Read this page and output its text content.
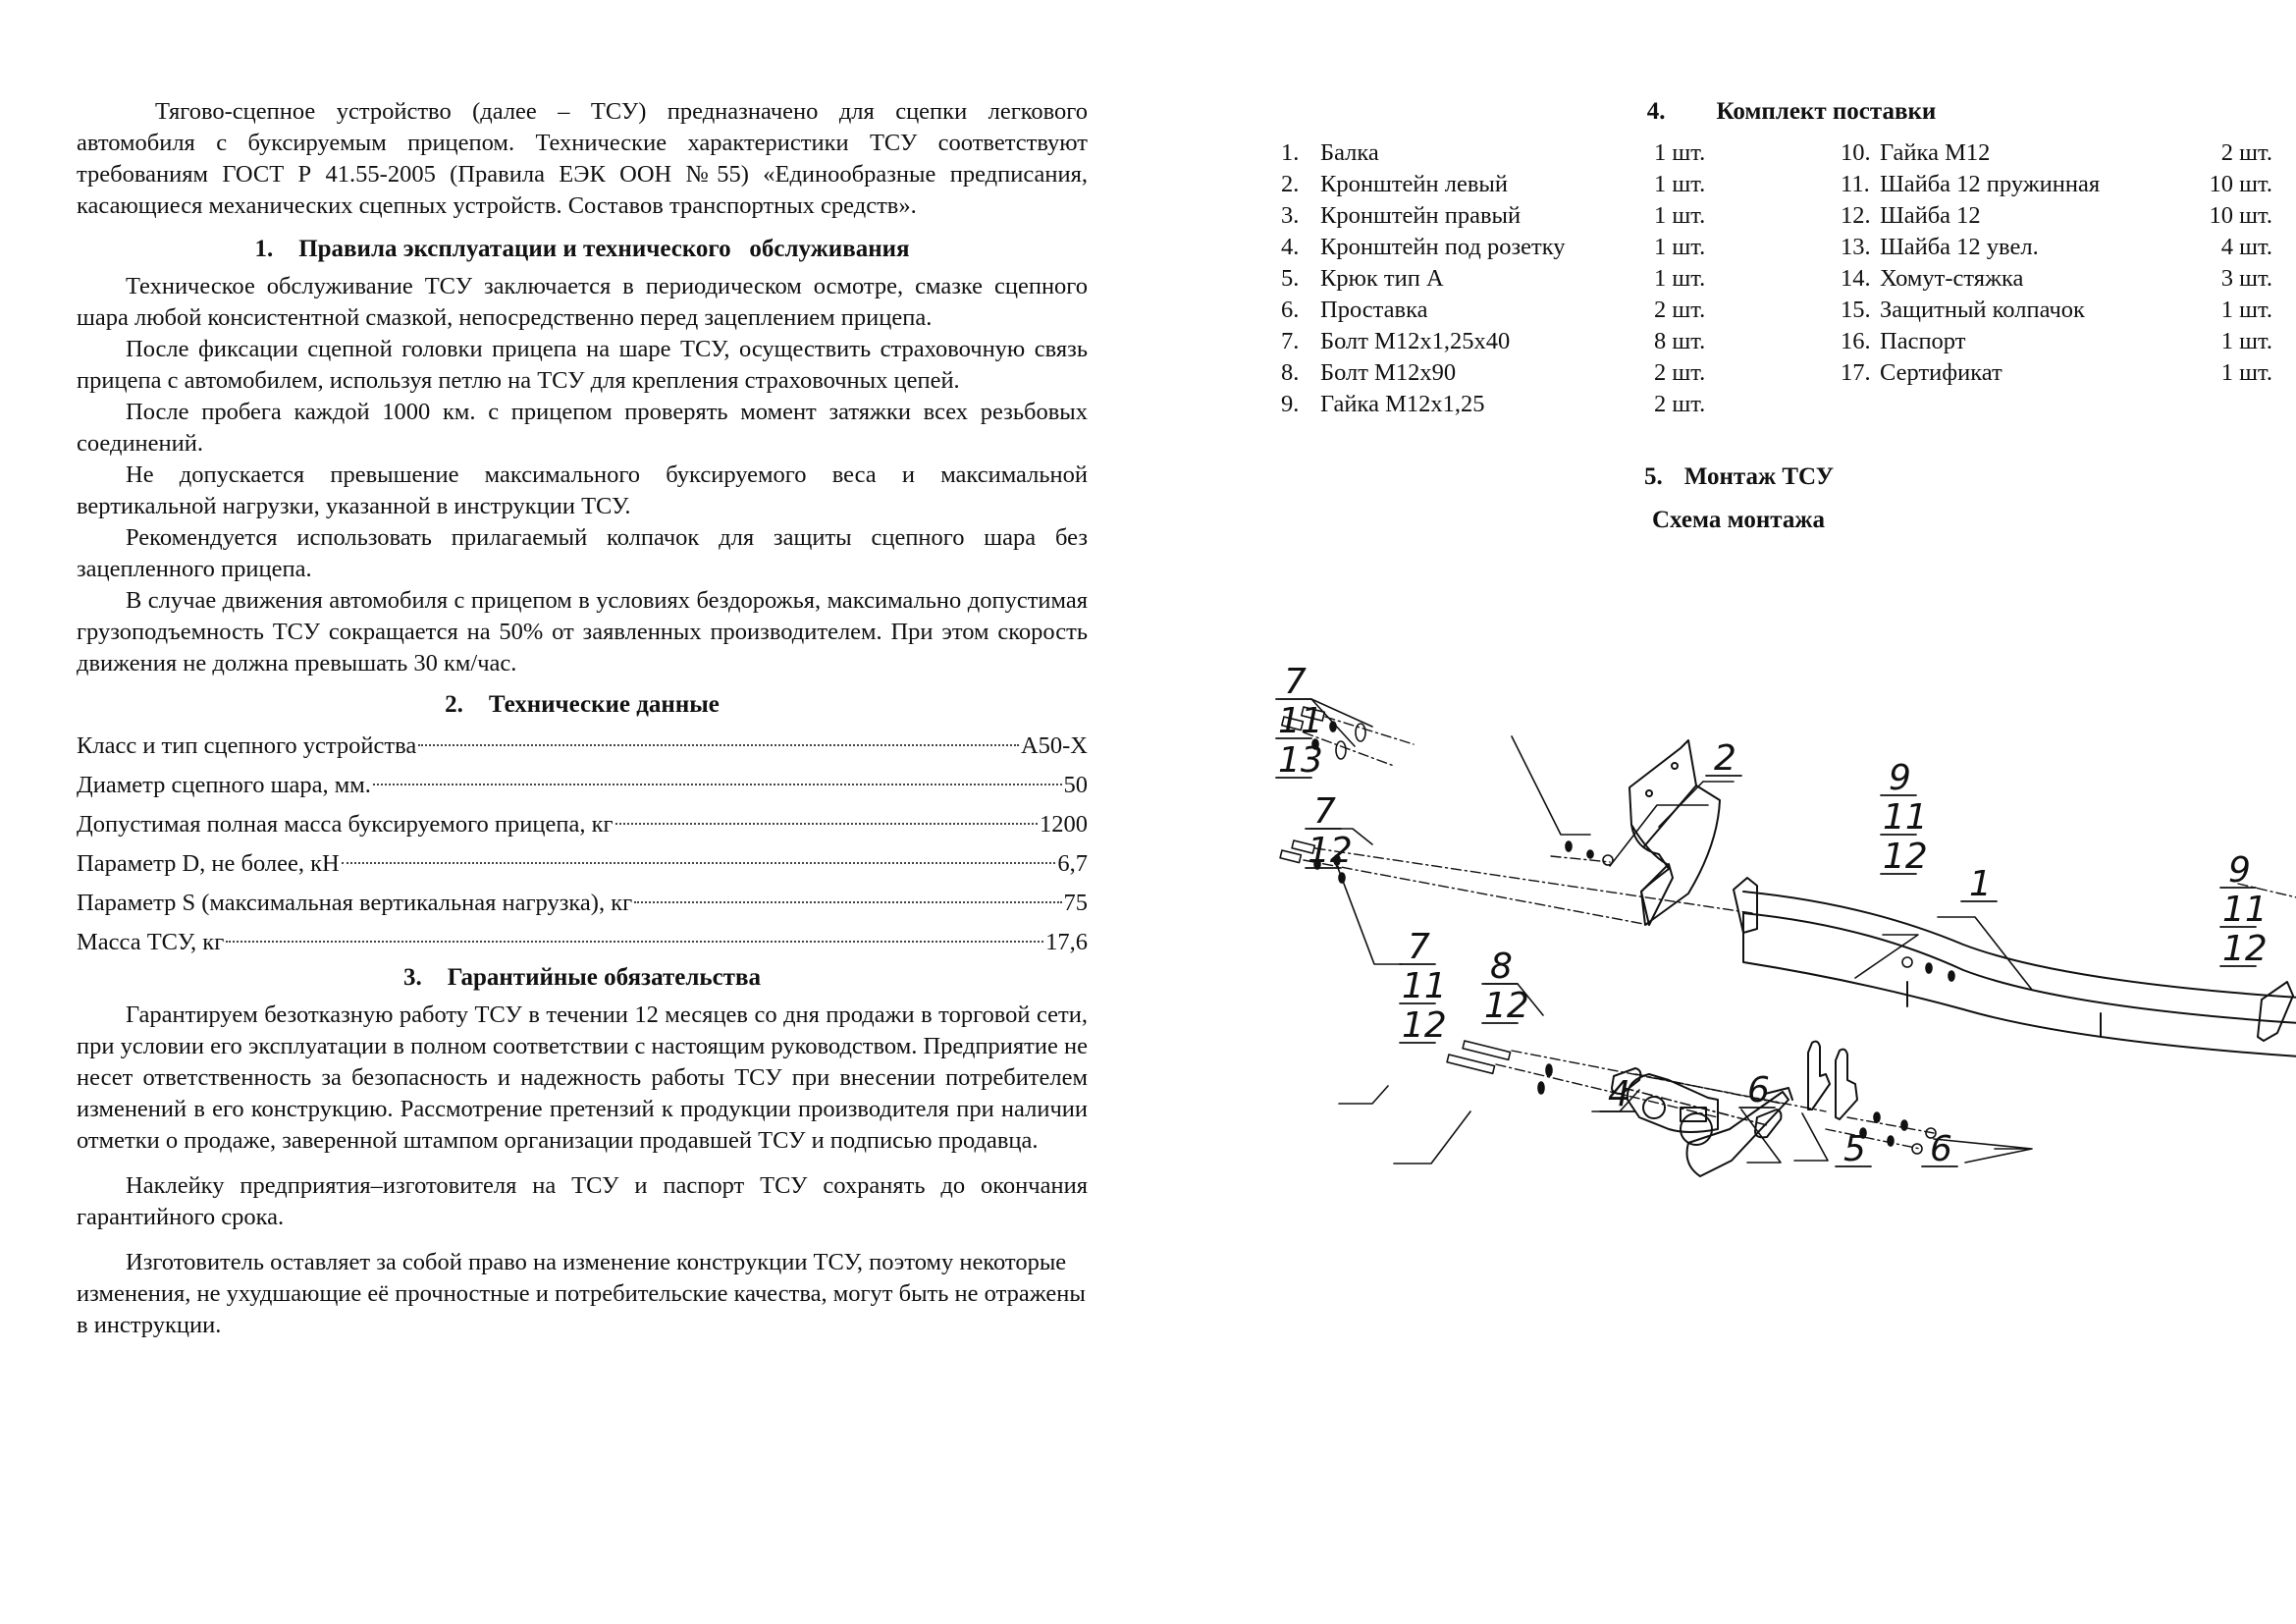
Тягово-сцепное устройство (далее – ТСУ) предназначено для сцепки легкового автомобиля с буксируемым прицепом. Технические характеристики ТСУ соответствуют требованиям ГОСТ Р 41.55-2005 (Правила ЕЭК ООН №55) «Единообразные предписания, касающиеся механических сцепных устройств. Составов транспортных средств».

1. Правила эксплуатации и технического   обслуживания

Техническое обслуживание ТСУ заключается в периодическом осмотре, смазке сцепного шара любой консистентной смазкой, непосредственно перед зацеплением прицепа.

После фиксации сцепной головки прицепа на шаре ТСУ, осуществить страховочную связь прицепа с автомобилем, используя петлю на ТСУ для крепления страховочных цепей.

После пробега каждой 1000 км. с прицепом проверять момент затяжки всех резьбовых соединений.

Не допускается превышение максимального буксируемого веса и максимальной вертикальной нагрузки, указанной в инструкции ТСУ.

Рекомендуется использовать прилагаемый колпачок для защиты сцепного шара без зацепленного прицепа.

В случае движения автомобиля с прицепом в условиях бездорожья, максимально допустимая грузоподъемность ТСУ сокращается на 50% от заявленных производителем. При этом скорость движения не должна превышать 30 км/час.

2. Технические данные
Класс и тип сцепного устройства	A50-X
Диаметр сцепного шара, мм.	50
Допустимая полная масса буксируемого прицепа, кг	1200
Параметр D, не более, кН	6,7
Параметр S (максимальная вертикальная нагрузка), кг	75
Масса ТСУ, кг	17,6
3. Гарантийные обязательства

Гарантируем безотказную работу ТСУ в течении 12 месяцев со дня продажи в торговой сети, при условии его эксплуатации в полном соответствии с настоящим руководством. Предприятие не несет ответственность за безопасность и надежность работы ТСУ при внесении потребителем изменений в его конструкцию. Рассмотрение претензий к продукции производителя при наличии отметки о продаже, заверенной штампом организации продавшей ТСУ и подписью продавца.

Наклейку предприятия–изготовителя на ТСУ и паспорт ТСУ сохранять до окончания гарантийного срока.

Изготовитель оставляет за собой право на изменение конструкции ТСУ, поэтому некоторые изменения, не ухудшающие её прочностные и потребительские качества, могут быть не отражены в инструкции.

4. Комплект поставки
1. Балка	1 шт.
2. Кронштейн левый	1 шт.
3. Кронштейн правый	1 шт.
4. Кронштейн под розетку	1 шт.
5. Крюк тип А	1 шт.
6. Проставка	2 шт.
7. Болт М12х1,25х40	8 шт.
8. Болт М12х90	2 шт.
9. Гайка М12х1,25	2 шт.
10. Гайка М12	2 шт.
11. Шайба 12 пружинная	10 шт.
12. Шайба 12	10 шт.
13. Шайба 12 увел.	4 шт.
14. Хомут-стяжка	3 шт.
15. Защитный колпачок	1 шт.
16. Паспорт	1 шт.
17. Сертификат	1 шт.
5. Монтаж ТСУ
Схема монтажа
7
11
13
7
12
7
11
12
2	9
11
12
1
8
12
4
9
11
12
6
5 6
